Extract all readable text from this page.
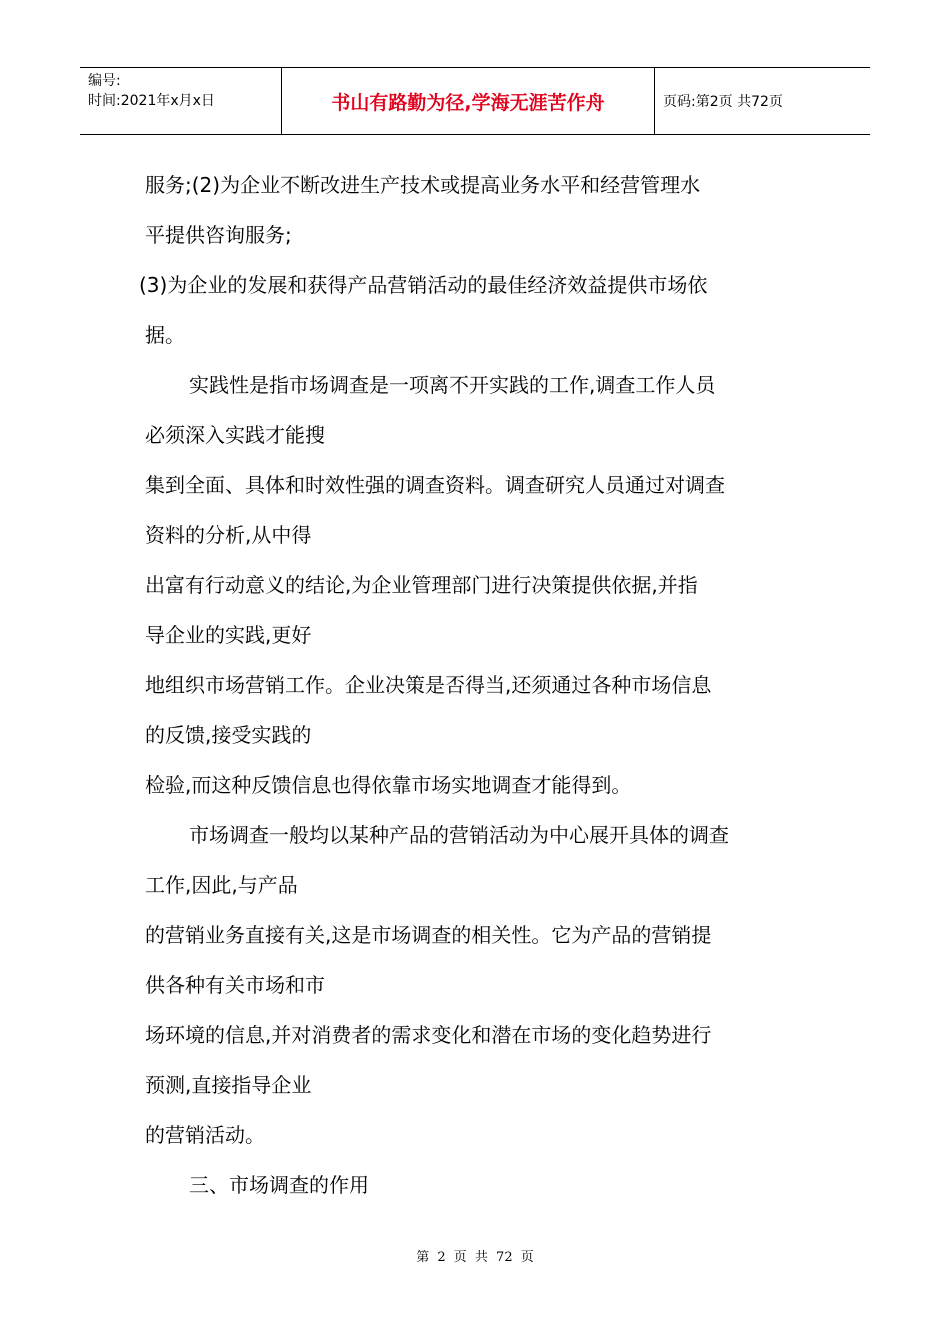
编号:
时间:2021年x月x日	书山有路勤为径,学海无涯苦作舟	页码:第2页 共72页
服务;(2)为企业不断改进生产技术或提高业务水平和经营管理水
平提供咨询服务;
(3)为企业的发展和获得产品营销活动的最佳经济效益提供市场依
据。
实践性是指市场调查是一项离不开实践的工作,调查工作人员
必须深入实践才能搜
集到全面、具体和时效性强的调查资料。调查研究人员通过对调查
资料的分析,从中得
出富有行动意义的结论,为企业管理部门进行决策提供依据,并指
导企业的实践,更好
地组织市场营销工作。企业决策是否得当,还须通过各种市场信息
的反馈,接受实践的
检验,而这种反馈信息也得依靠市场实地调查才能得到。
市场调查一般均以某种产品的营销活动为中心展开具体的调查
工作,因此,与产品
的营销业务直接有关,这是市场调查的相关性。它为产品的营销提
供各种有关市场和市
场环境的信息,并对消费者的需求变化和潜在市场的变化趋势进行
预测,直接指导企业
的营销活动。
三、市场调查的作用
第 2 页 共 72 页
